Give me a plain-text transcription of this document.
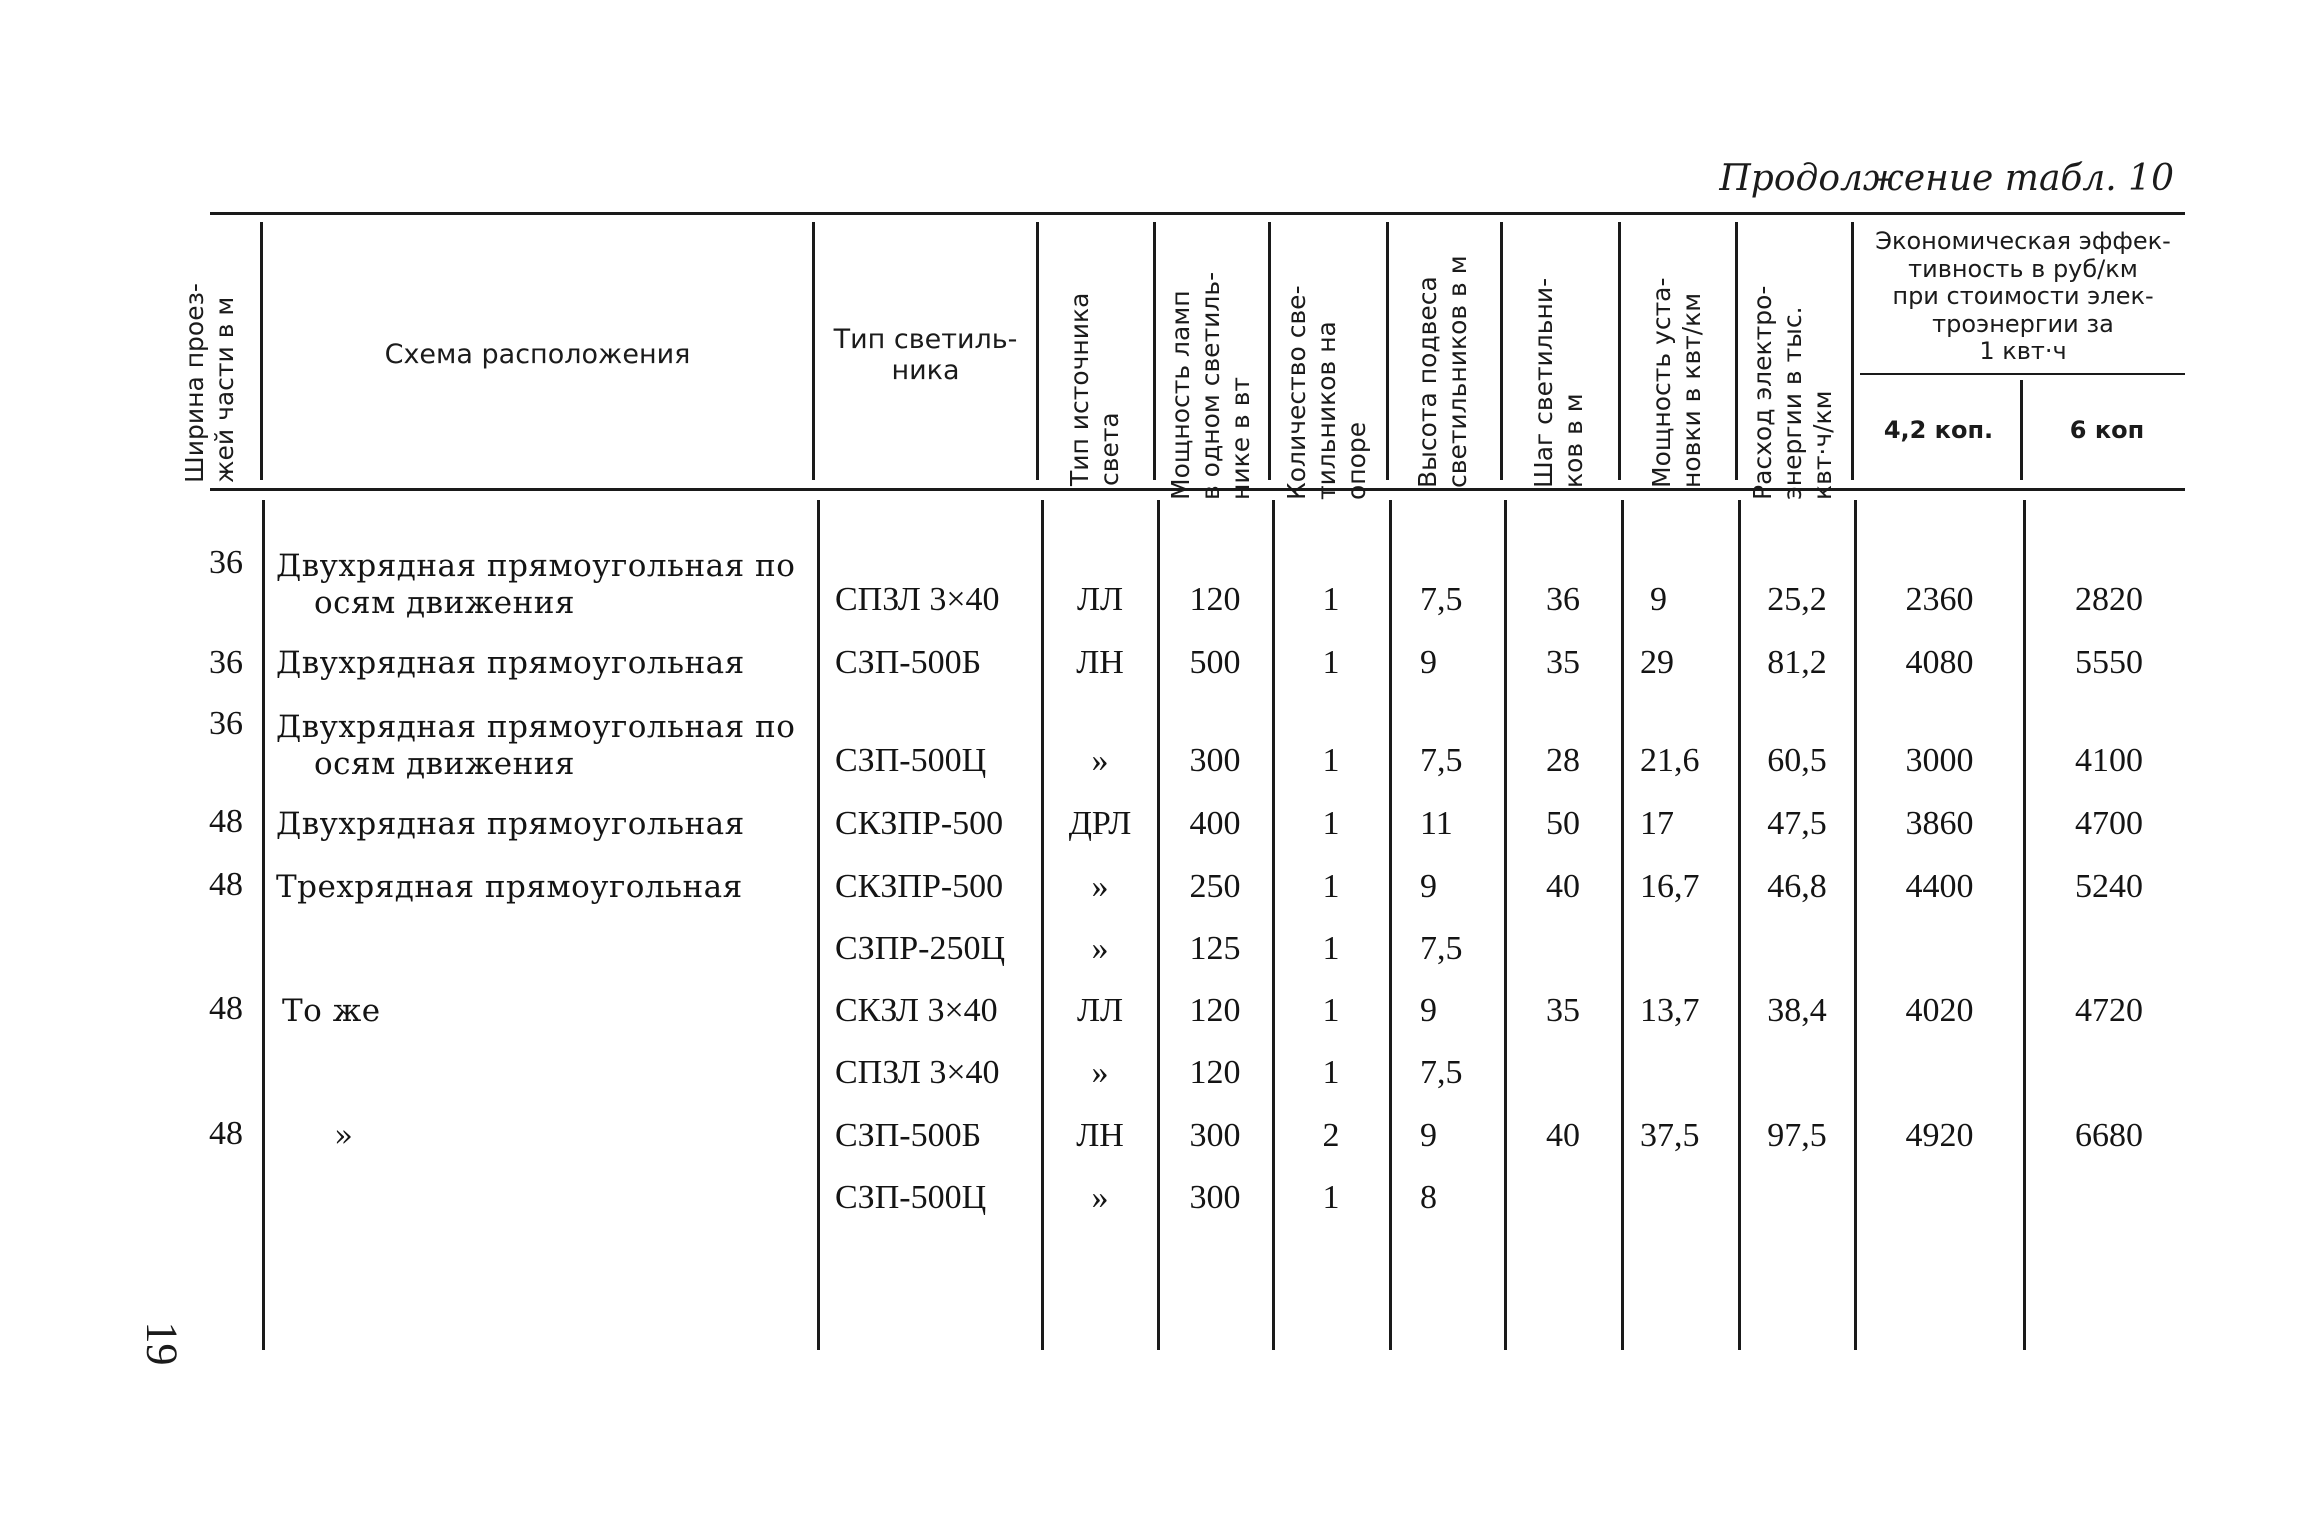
Продолжение табл. 10
Ширина проез-
жей части в м
Схема расположения
Тип светиль-
ника
Тип источника
света Мощность ламп
в одном светиль-
нике в вт Количество све-
тильников на
опоре Высота подвеса
светильников в м
Шаг светильни-
ков в м Мощность уста-
новки в квт/км
Расход электро-
энергии в тыс.
квт·ч/км
Экономическая эффек-
тивность в руб/км
при стоимости элек-
троэнергии за
1 квт·ч
4,2 коп.	6 коп
36
36
36
48
48
48
48
Двухрядная прямоугольная по
осям движения
Двухрядная прямоугольная
Двухрядная прямоугольная по
осям движения
Двухрядная прямоугольная
Трехрядная прямоугольная
То же
»
СПЗЛ 3×40
СЗП-500Б
СЗП-500Ц
СКЗПР-500
СКЗПР-500
СЗПР-250Ц
СКЗЛ 3×40
СПЗЛ 3×40
СЗП-500Б
СЗП-500Ц
ЛЛ
ЛН
»
ДРЛ
»
»
ЛЛ
»
ЛН
»
120
500
300
400
250
125
120
120
300
300
1
1
1
1
1
1
1
1
2
1
7,5
9
7,5
11
9
7,5
9
7,5
9
8
36
35
28
50
40
35
40
9
29
21,6
17
16,7
13,7
37,5
25,2
81,2
60,5
47,5
46,8
38,4
97,5
2360
4080
3000
3860
4400
4020
4920
2820
5550
4100
4700
5240
4720
6680
19
